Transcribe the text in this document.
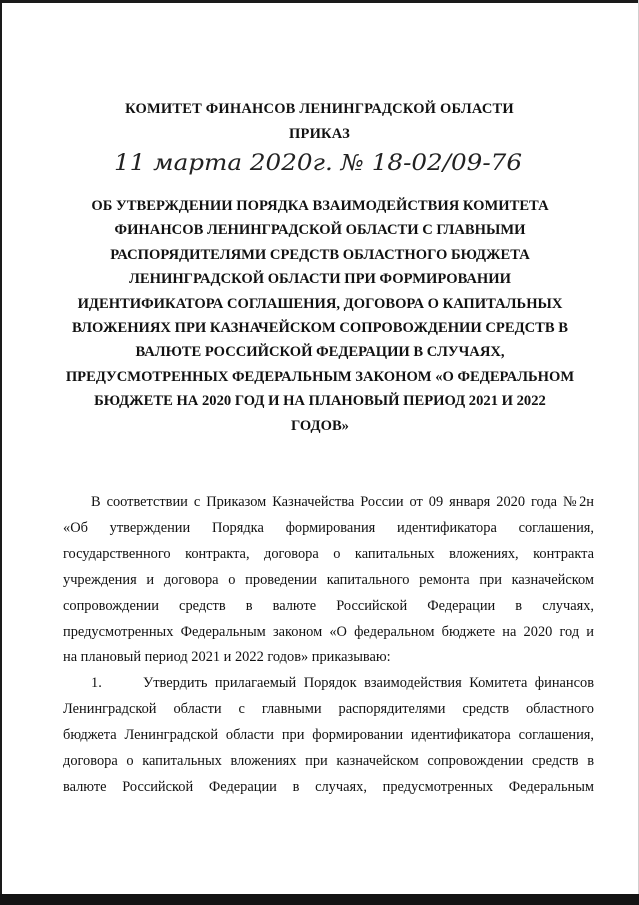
КОМИТЕТ ФИНАНСОВ ЛЕНИНГРАДСКОЙ ОБЛАСТИ
ПРИКАЗ
11 марта 2020г. № 18-02/09-76
ОБ УТВЕРЖДЕНИИ ПОРЯДКА ВЗАИМОДЕЙСТВИЯ КОМИТЕТА
ФИНАНСОВ ЛЕНИНГРАДСКОЙ ОБЛАСТИ С ГЛАВНЫМИ
РАСПОРЯДИТЕЛЯМИ СРЕДСТВ ОБЛАСТНОГО БЮДЖЕТА
ЛЕНИНГРАДСКОЙ ОБЛАСТИ ПРИ ФОРМИРОВАНИИ
ИДЕНТИФИКАТОРА СОГЛАШЕНИЯ, ДОГОВОРА О КАПИТАЛЬНЫХ
ВЛОЖЕНИЯХ ПРИ КАЗНАЧЕЙСКОМ СОПРОВОЖДЕНИИ СРЕДСТВ В
ВАЛЮТЕ РОССИЙСКОЙ ФЕДЕРАЦИИ В СЛУЧАЯХ,
ПРЕДУСМОТРЕННЫХ ФЕДЕРАЛЬНЫМ ЗАКОНОМ «О ФЕДЕРАЛЬНОМ
БЮДЖЕТЕ НА 2020 ГОД И НА ПЛАНОВЫЙ ПЕРИОД 2021 И 2022
ГОДОВ»
В соответствии с Приказом Казначейства России от 09 января 2020 года №2н
«Об утверждении Порядка формирования идентификатора соглашения,
государственного контракта, договора о капитальных вложениях, контракта
учреждения и договора о проведении капитального ремонта при казначейском
сопровождении средств в валюте Российской Федерации в случаях,
предусмотренных Федеральным законом «О федеральном бюджете на 2020 год и
на плановый период 2021 и 2022 годов» приказываю:
1.	Утвердить прилагаемый Порядок взаимодействия Комитета финансов
Ленинградской области с главными распорядителями средств областного
бюджета Ленинградской области при формировании идентификатора соглашения,
договора о капитальных вложениях при казначейском сопровождении средств в
валюте Российской Федерации в случаях, предусмотренных Федеральным
